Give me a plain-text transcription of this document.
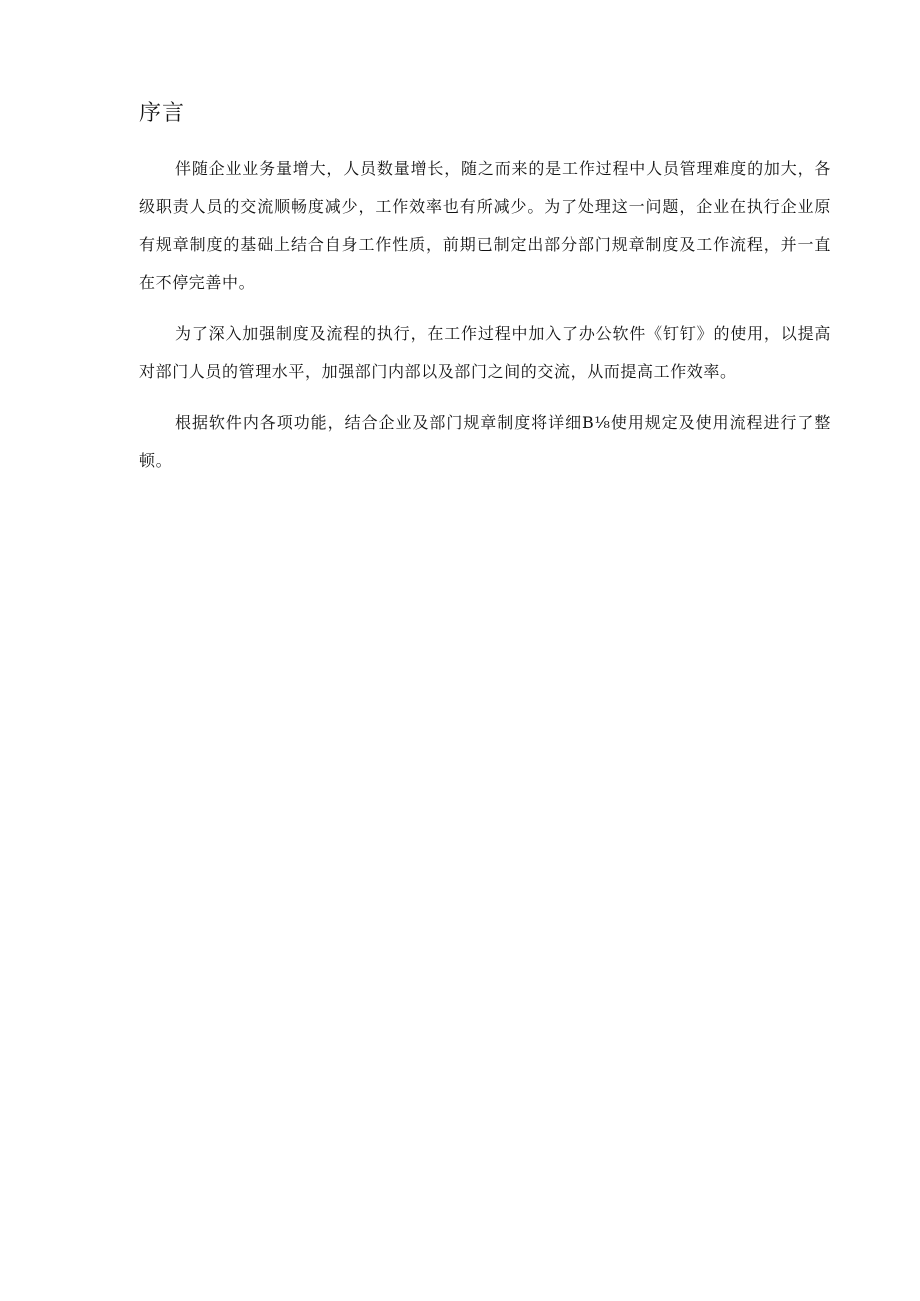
序言

伴随企业业务量增大，人员数量增长，随之而来的是工作过程中人员管理难度的加大，各级职责人员的交流顺畅度减少，工作效率也有所减少。为了处理这一问题，企业在执行企业原有规章制度的基础上结合自身工作性质，前期已制定出部分部门规章制度及工作流程，并一直在不停完善中。

为了深入加强制度及流程的执行，在工作过程中加入了办公软件《钉钉》的使用，以提高对部门人员的管理水平，加强部门内部以及部门之间的交流，从而提高工作效率。

根据软件内各项功能，结合企业及部门规章制度将详细B⅛使用规定及使用流程进行了整顿。
